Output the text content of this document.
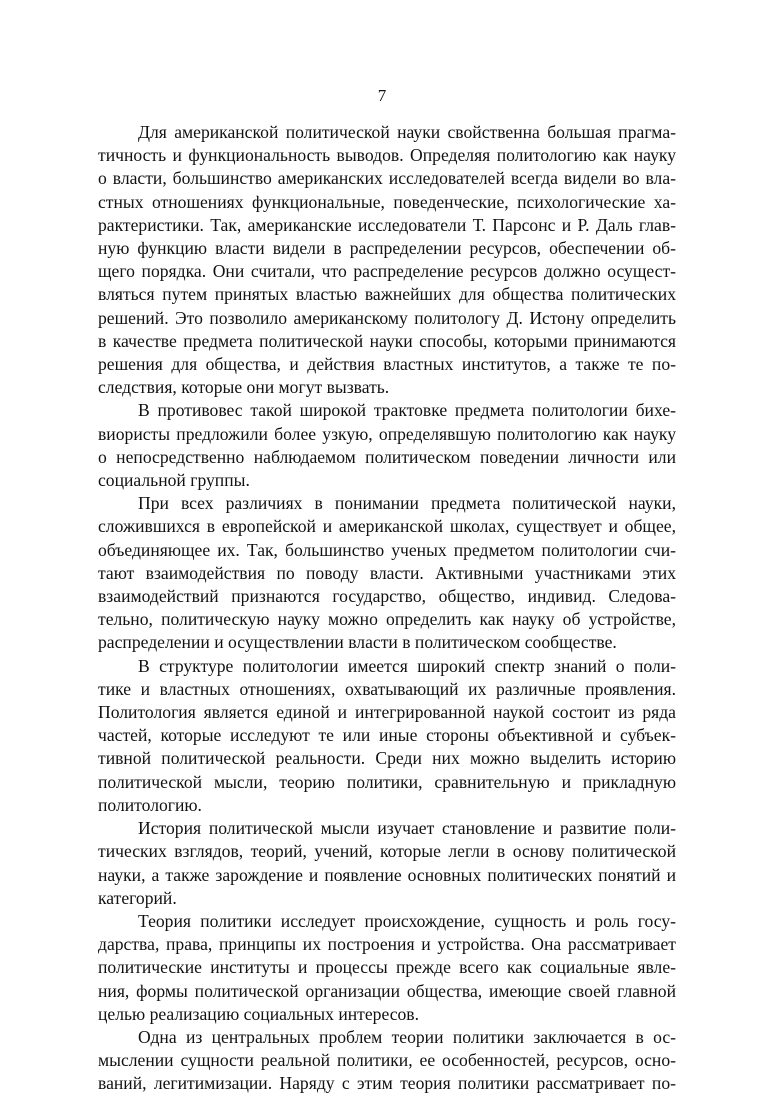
7

Для американской политической науки свойственна большая прагма-
тичность и функциональность выводов. Определяя политологию как науку
о власти, большинство американских исследователей всегда видели во вла-
стных отношениях функциональные, поведенческие, психологические ха-
рактеристики. Так, американские исследователи Т. Парсонс и Р. Даль глав-
ную функцию власти видели в распределении ресурсов, обеспечении об-
щего порядка. Они считали, что распределение ресурсов должно осущест-
вляться путем принятых властью важнейших для общества политических
решений. Это позволило американскому политологу Д. Истону определить
в качестве предмета политической науки способы, которыми принимаются
решения для общества, и действия властных институтов, а также те по-
следствия, которые они могут вызвать.

В противовес такой широкой трактовке предмета политологии бихе-
виористы предложили более узкую, определявшую политологию как науку
о непосредственно наблюдаемом политическом поведении личности или
социальной группы.

При всех различиях в понимании предмета политической науки,
сложившихся в европейской и американской школах, существует и общее,
объединяющее их. Так, большинство ученых предметом политологии счи-
тают взаимодействия по поводу власти. Активными участниками этих
взаимодействий признаются государство, общество, индивид. Следова-
тельно, политическую науку можно определить как науку об устройстве,
распределении и осуществлении власти в политическом сообществе.

В структуре политологии имеется широкий спектр знаний о поли-
тике и властных отношениях, охватывающий их различные проявления.
Политология является единой и интегрированной наукой состоит из ряда
частей, которые исследуют те или иные стороны объективной и субъек-
тивной политической реальности. Среди них можно выделить историю
политической мысли, теорию политики, сравнительную и прикладную
политологию.

История политической мысли изучает становление и развитие поли-
тических взглядов, теорий, учений, которые легли в основу политической
науки, а также зарождение и появление основных политических понятий и
категорий.

Теория политики исследует происхождение, сущность и роль госу-
дарства, права, принципы их построения и устройства. Она рассматривает
политические институты и процессы прежде всего как социальные явле-
ния, формы политической организации общества, имеющие своей главной
целью реализацию социальных интересов.

Одна из центральных проблем теории политики заключается в ос-
мыслении сущности реальной политики, ее особенностей, ресурсов, осно-
ваний, легитимизации. Наряду с этим теория политики рассматривает по-
